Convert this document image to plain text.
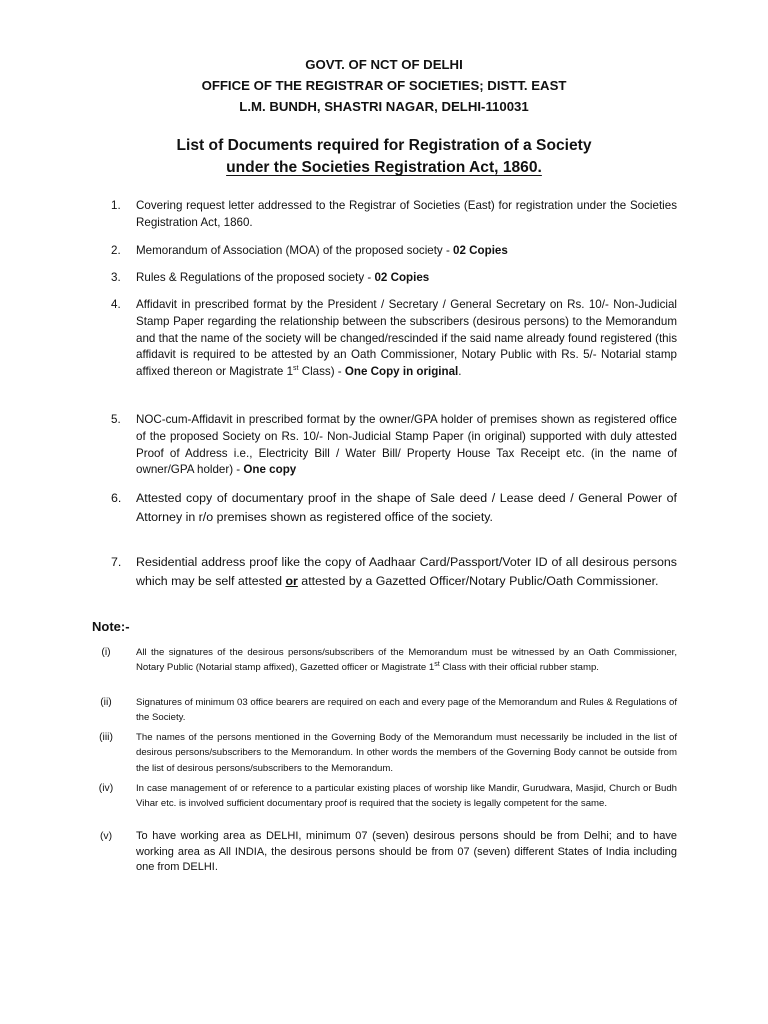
GOVT. OF NCT OF DELHI
OFFICE OF THE REGISTRAR OF SOCIETIES; DISTT. EAST
L.M. BUNDH, SHASTRI NAGAR, DELHI-110031
List of Documents required for Registration of a Society
under the Societies Registration Act, 1860.
1.	Covering request letter addressed to the Registrar of Societies (East) for registration under the Societies Registration Act, 1860.
2.	Memorandum of Association (MOA) of the proposed society - 02 Copies
3.	Rules & Regulations of the proposed society - 02 Copies
4.	Affidavit in prescribed format by the President / Secretary / General Secretary on Rs. 10/- Non-Judicial Stamp Paper regarding the relationship between the subscribers (desirous persons) to the Memorandum and that the name of the society will be changed/rescinded if the said name already found registered (this affidavit is required to be attested by an Oath Commissioner, Notary Public with Rs. 5/- Notarial stamp affixed thereon or Magistrate 1st Class) - One Copy in original.
5.	NOC-cum-Affidavit in prescribed format by the owner/GPA holder of premises shown as registered office of the proposed Society on Rs. 10/- Non-Judicial Stamp Paper (in original) supported with duly attested Proof of Address i.e., Electricity Bill / Water Bill/ Property House Tax Receipt etc. (in the name of owner/GPA holder) - One copy
6.	Attested copy of documentary proof in the shape of Sale deed / Lease deed / General Power of Attorney in r/o premises shown as registered office of the society.
7.	Residential address proof like the copy of Aadhaar Card/Passport/Voter ID of all desirous persons which may be self attested or attested by a Gazetted Officer/Notary Public/Oath Commissioner.
Note:-
(i)	All the signatures of the desirous persons/subscribers of the Memorandum must be witnessed by an Oath Commissioner, Notary Public (Notarial stamp affixed), Gazetted officer or Magistrate 1st Class with their official rubber stamp.
(ii)	Signatures of minimum 03 office bearers are required on each and every page of the Memorandum and Rules & Regulations of the Society.
(iii)	The names of the persons mentioned in the Governing Body of the Memorandum must necessarily be included in the list of desirous persons/subscribers to the Memorandum. In other words the members of the Governing Body cannot be outside from the list of desirous persons/subscribers to the Memorandum.
(iv)	In case management of or reference to a particular existing places of worship like Mandir, Gurudwara, Masjid, Church or Budh Vihar etc. is involved sufficient documentary proof is required that the society is legally competent for the same.
(v)	To have working area as DELHI, minimum 07 (seven) desirous persons should be from Delhi; and to have working area as All INDIA, the desirous persons should be from 07 (seven) different States of India including one from DELHI.
